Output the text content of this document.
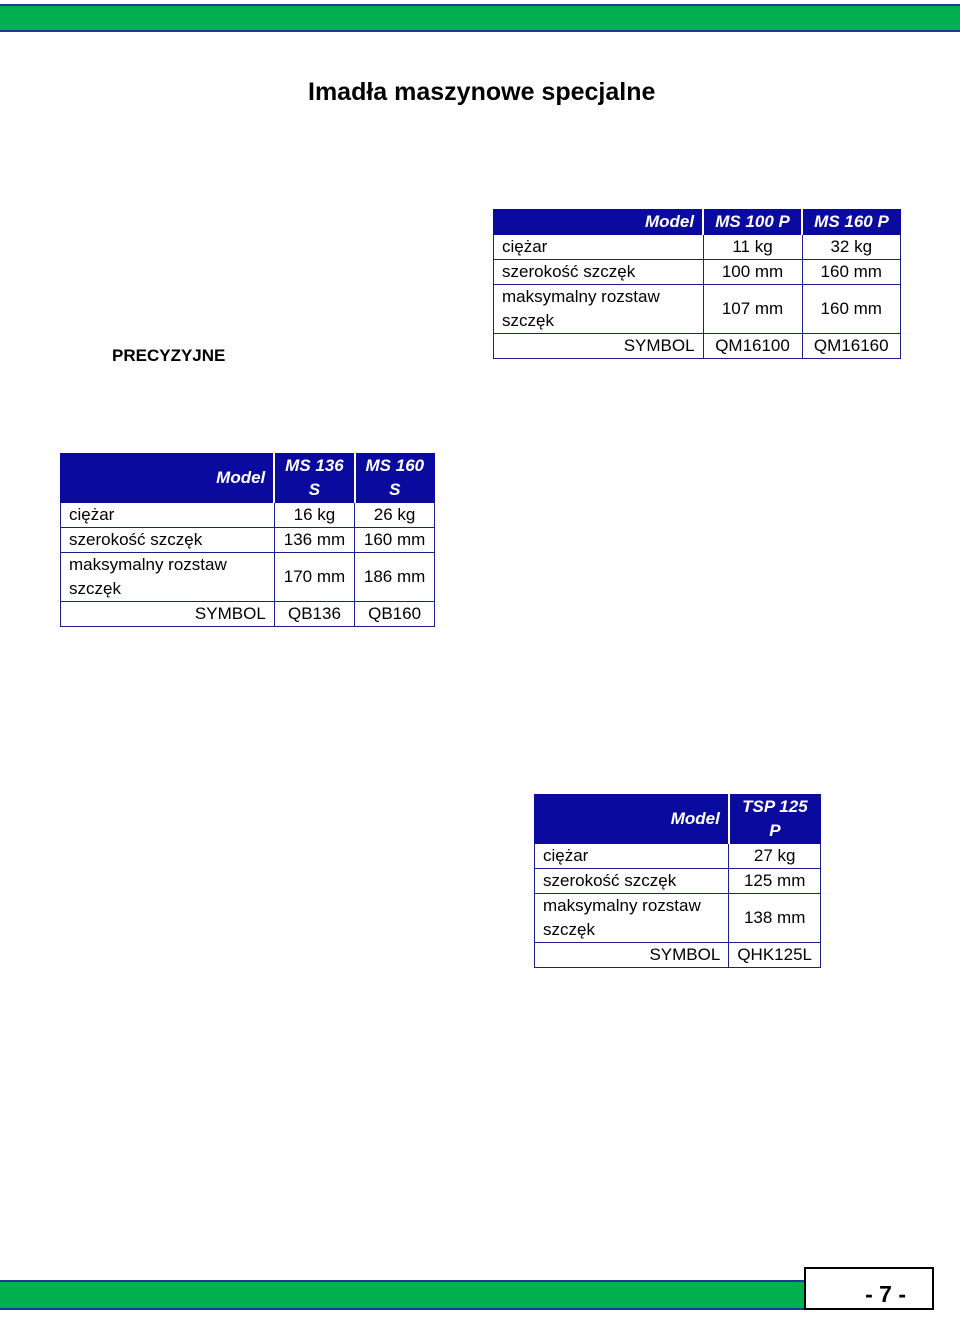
Imadła maszynowe specjalne
PRECYZYJNE
Model	MS 100 P	MS 160 P
ciężar	11 kg	32 kg
szerokość szczęk	100 mm	160 mm
maksymalny rozstaw szczęk	107 mm	160 mm
SYMBOL	QM16100	QM16160
Model	MS 136 S	MS 160 S
ciężar	16 kg	26 kg
szerokość szczęk	136 mm	160 mm
maksymalny rozstaw szczęk	170 mm	186 mm
SYMBOL	QB136	QB160
Model	TSP 125 P
ciężar	27 kg
szerokość szczęk	125 mm
maksymalny rozstaw szczęk	138 mm
SYMBOL	QHK125L
- 7 -
